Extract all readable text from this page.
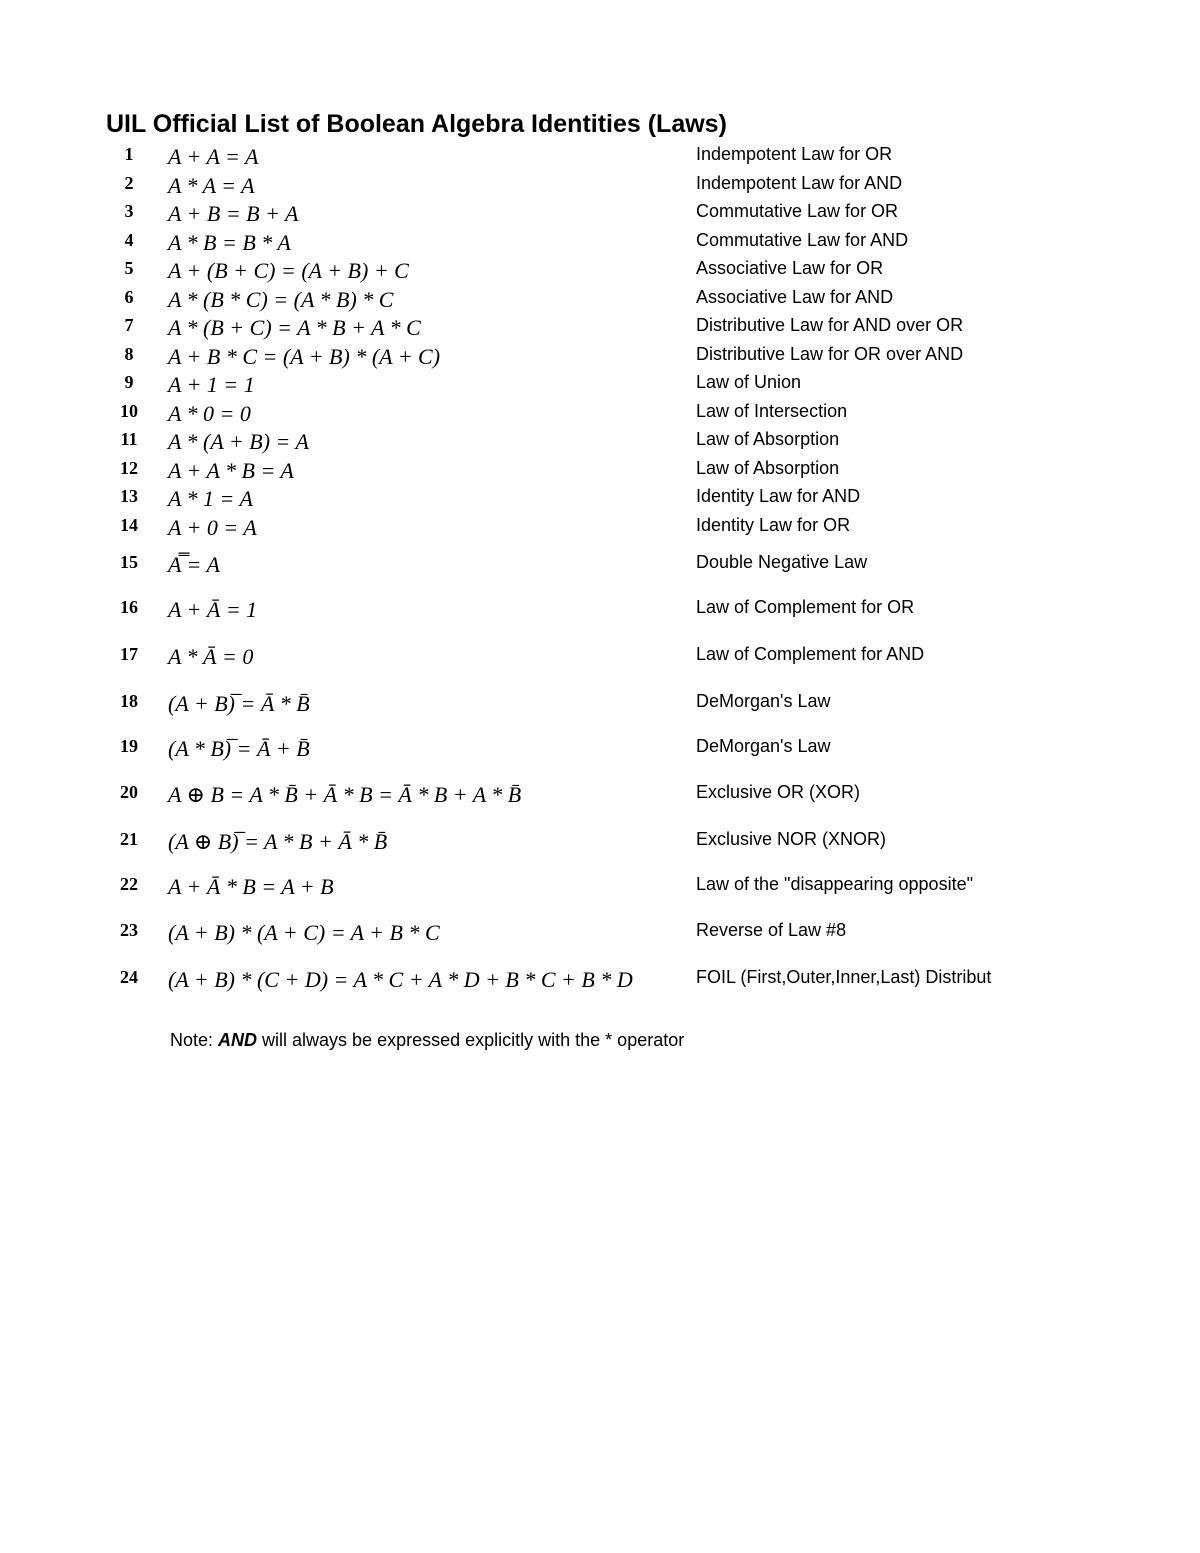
UIL Official List of Boolean Algebra Identities (Laws)
1	A + A = A	Indempotent Law for OR
2	A * A = A	Indempotent Law for AND
3	A + B = B + A	Commutative Law for OR
4	A * B = B * A	Commutative Law for AND
5	A + (B + C) = (A + B) + C	Associative Law for OR
6	A * (B * C) = (A * B) * C	Associative Law for AND
7	A * (B + C) = A * B + A * C	Distributive Law for AND over OR
8	A + B * C = (A + B) * (A + C)	Distributive Law for OR over AND
9	A + 1 = 1	Law of Union
10	A * 0 = 0	Law of Intersection
11	A * (A + B) = A	Law of Absorption
12	A + A * B = A	Law of Absorption
13	A * 1 = A	Identity Law for AND
14	A + 0 = A	Identity Law for OR
15	A̿ = A	Double Negative Law
16	A + Ā = 1	Law of Complement for OR
17	A * Ā = 0	Law of Complement for AND
18	(A + B)̅ = Ā * B̄	DeMorgan's Law
19	(A * B)̅ = Ā + B̄	DeMorgan's Law
20	A ⊕ B = A * B̄ + Ā * B = Ā * B + A * B̄	Exclusive OR (XOR)
21	(A ⊕ B)̅ = A * B + Ā * B̄	Exclusive NOR (XNOR)
22	A + Ā * B = A + B	Law of the "disappearing opposite"
23	(A + B) * (A + C) = A + B * C	Reverse of Law #8
24	(A + B) * (C + D) = A * C + A * D + B * C + B * D	FOIL (First,Outer,Inner,Last) Distribut
Note: AND will always be expressed explicitly with the * operator
